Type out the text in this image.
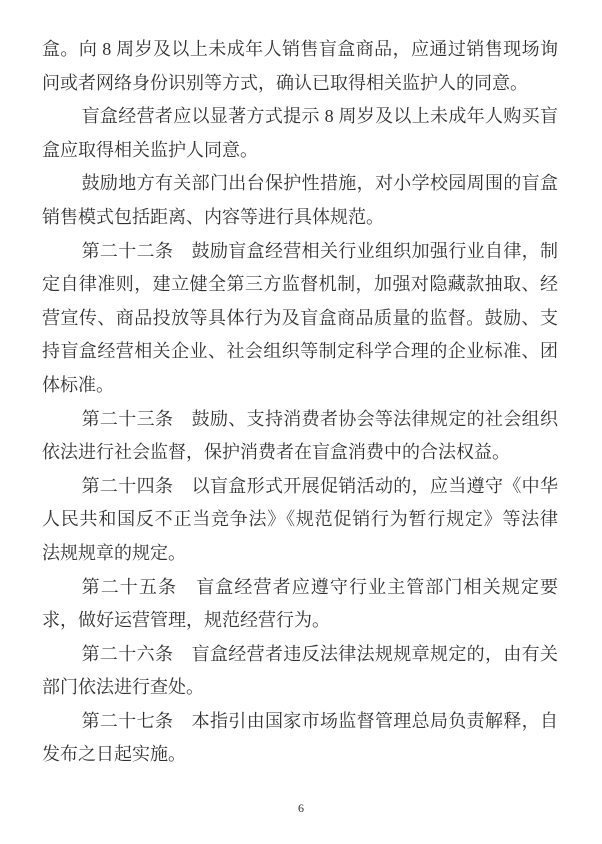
盒。向 8 周岁及以上未成年人销售盲盒商品，应通过销售现场询
问或者网络身份识别等方式，确认已取得相关监护人的同意。
盲盒经营者应以显著方式提示 8 周岁及以上未成年人购买盲
盒应取得相关监护人同意。
鼓励地方有关部门出台保护性措施，对小学校园周围的盲盒
销售模式包括距离、内容等进行具体规范。
第二十二条　鼓励盲盒经营相关行业组织加强行业自律，制
定自律准则，建立健全第三方监督机制，加强对隐藏款抽取、经
营宣传、商品投放等具体行为及盲盒商品质量的监督。鼓励、支
持盲盒经营相关企业、社会组织等制定科学合理的企业标准、团
体标准。
第二十三条　鼓励、支持消费者协会等法律规定的社会组织
依法进行社会监督，保护消费者在盲盒消费中的合法权益。
第二十四条　以盲盒形式开展促销活动的，应当遵守《中华
人民共和国反不正当竞争法》《规范促销行为暂行规定》等法律
法规规章的规定。
第二十五条　盲盒经营者应遵守行业主管部门相关规定要
求，做好运营管理，规范经营行为。
第二十六条　盲盒经营者违反法律法规规章规定的，由有关
部门依法进行查处。
第二十七条　本指引由国家市场监督管理总局负责解释，自
发布之日起实施。
6
